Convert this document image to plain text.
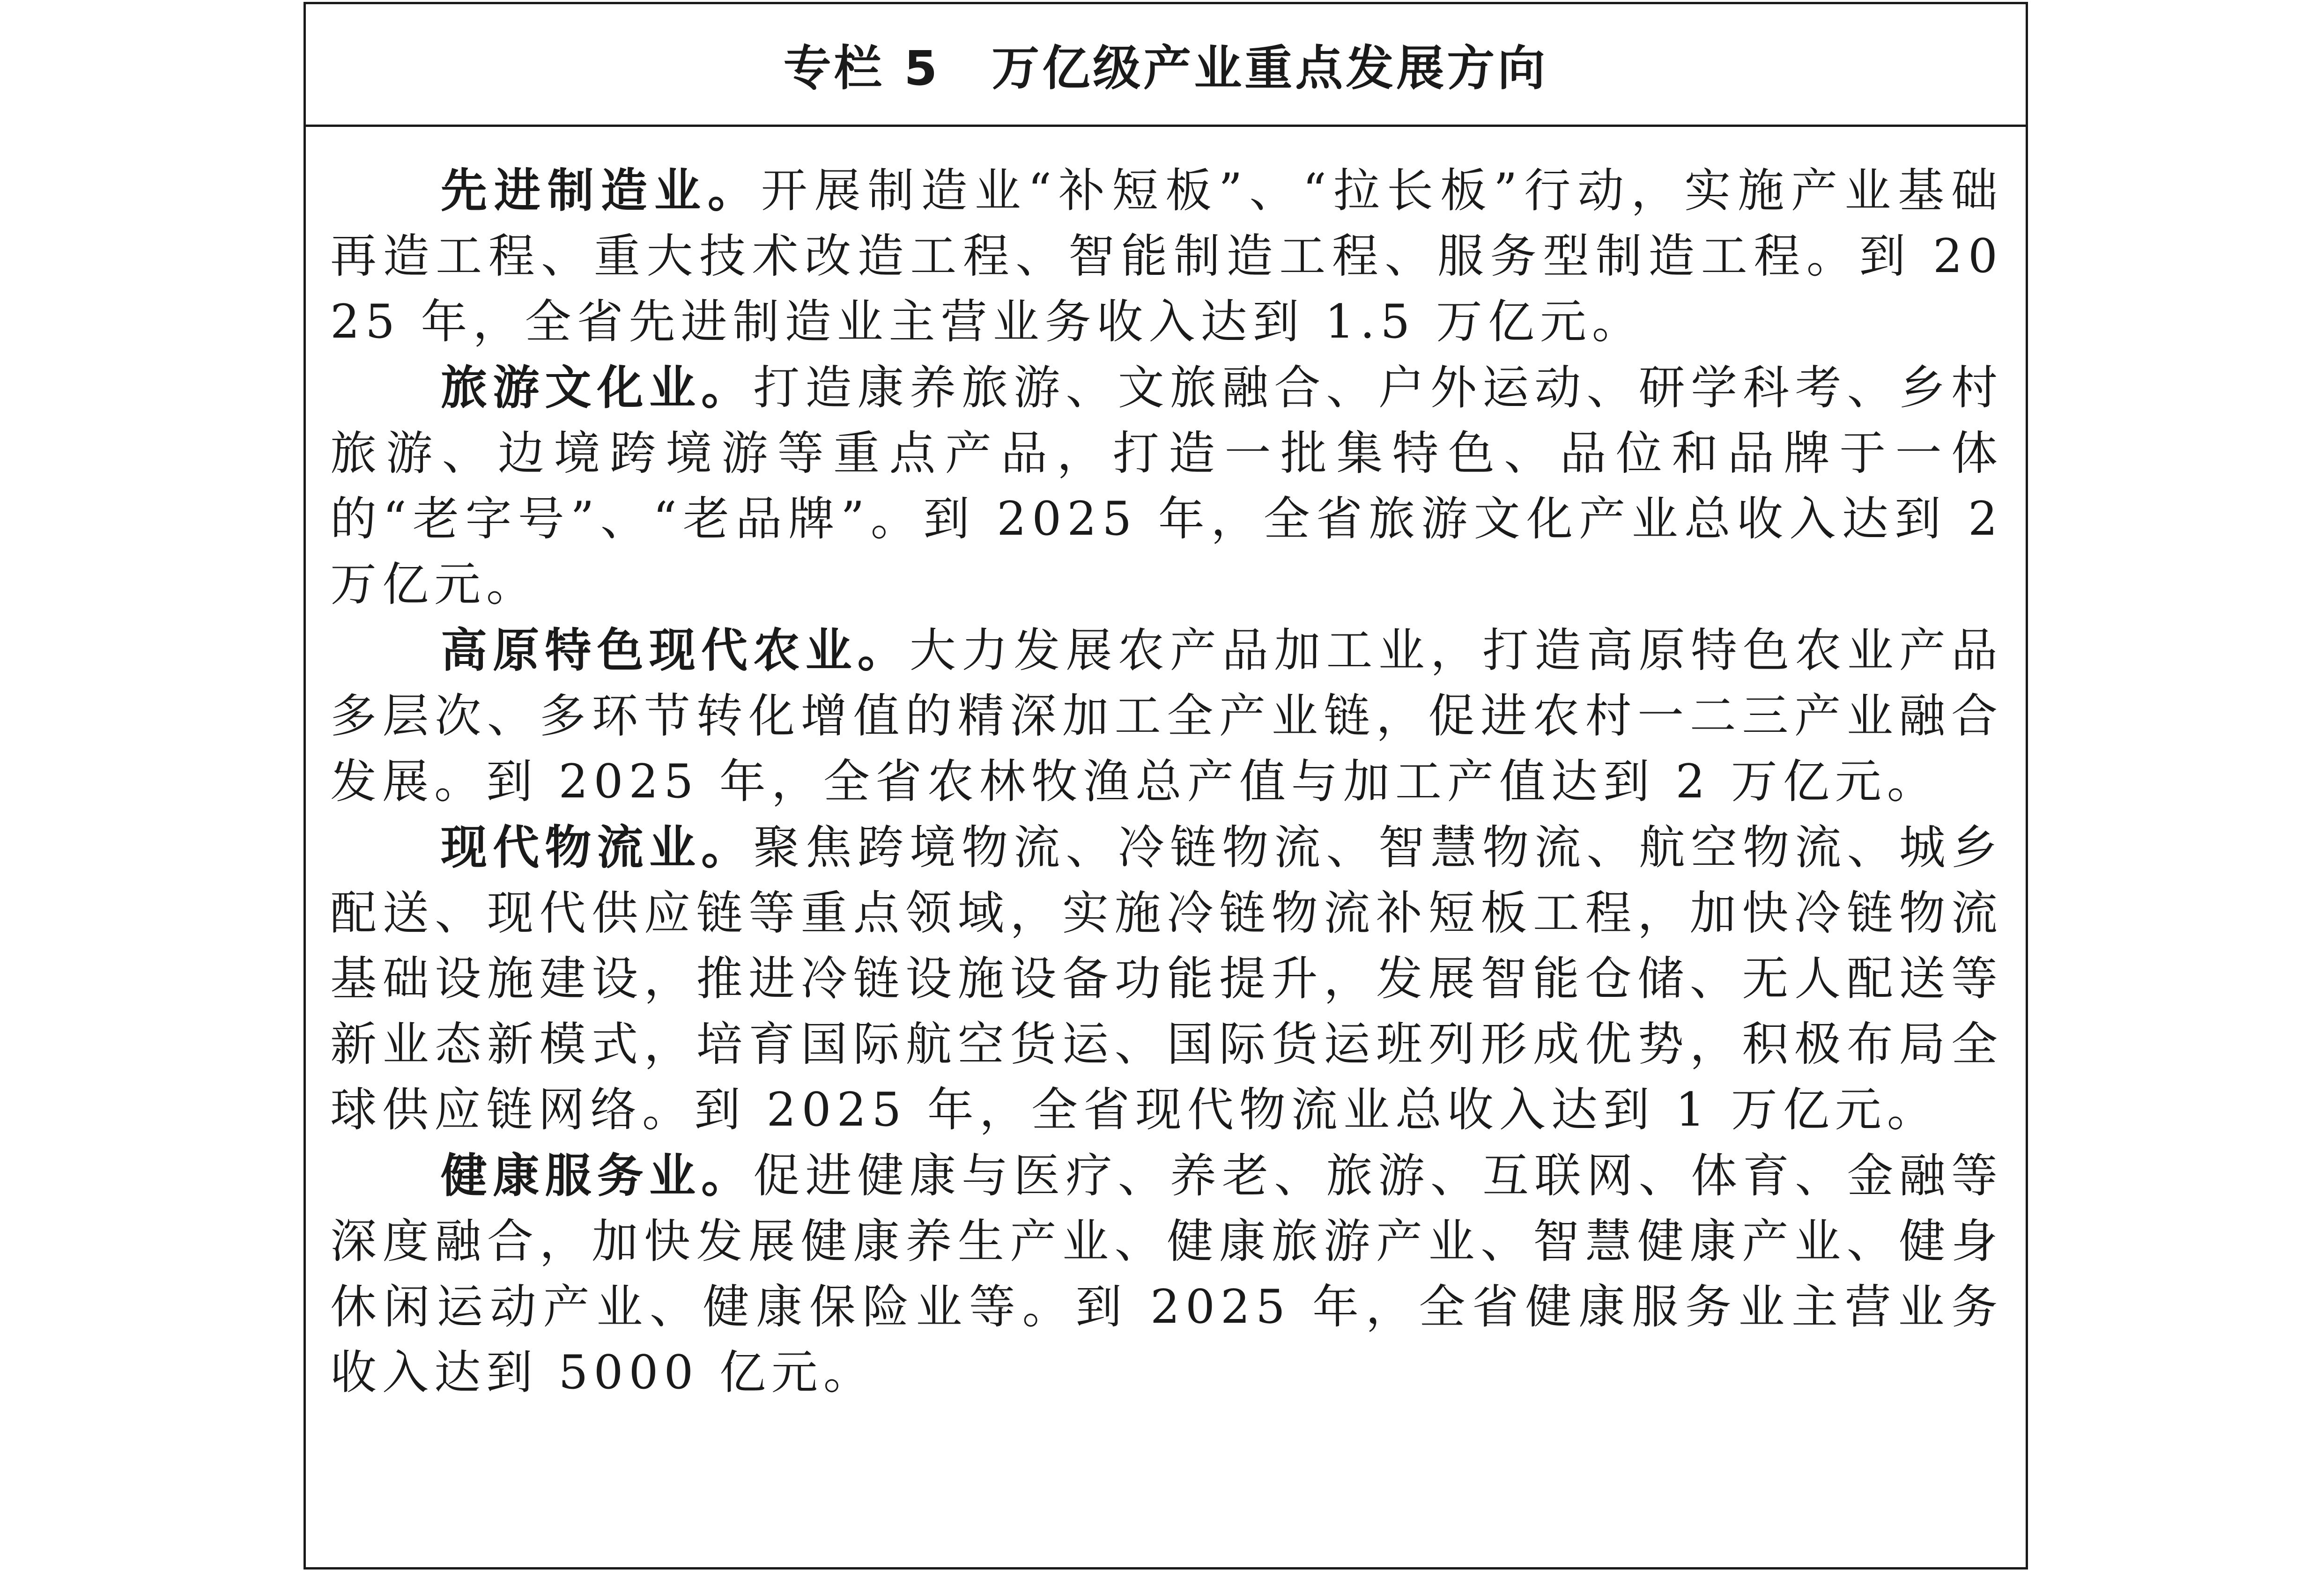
专栏 5 万亿级产业重点发展方向

先进制造业。开展制造业“补短板”、“拉长板”行动，实施产业基础再造工程、重大技术改造工程、智能制造工程、服务型制造工程。到 2025 年，全省先进制造业主营业务收入达到 1.5 万亿元。

旅游文化业。打造康养旅游、文旅融合、户外运动、研学科考、乡村旅游、边境跨境游等重点产品，打造一批集特色、品位和品牌于一体的“老字号”、“老品牌”。到 2025 年，全省旅游文化产业总收入达到 2 万亿元。

高原特色现代农业。大力发展农产品加工业，打造高原特色农业产品多层次、多环节转化增值的精深加工全产业链，促进农村一二三产业融合发展。到 2025 年，全省农林牧渔总产值与加工产值达到 2 万亿元。

现代物流业。聚焦跨境物流、冷链物流、智慧物流、航空物流、城乡配送、现代供应链等重点领域，实施冷链物流补短板工程，加快冷链物流基础设施建设，推进冷链设施设备功能提升，发展智能仓储、无人配送等新业态新模式，培育国际航空货运、国际货运班列形成优势，积极布局全球供应链网络。到 2025 年，全省现代物流业总收入达到 1 万亿元。

健康服务业。促进健康与医疗、养老、旅游、互联网、体育、金融等深度融合，加快发展健康养生产业、健康旅游产业、智慧健康产业、健身休闲运动产业、健康保险业等。到 2025 年，全省健康服务业主营业务收入达到 5000 亿元。
